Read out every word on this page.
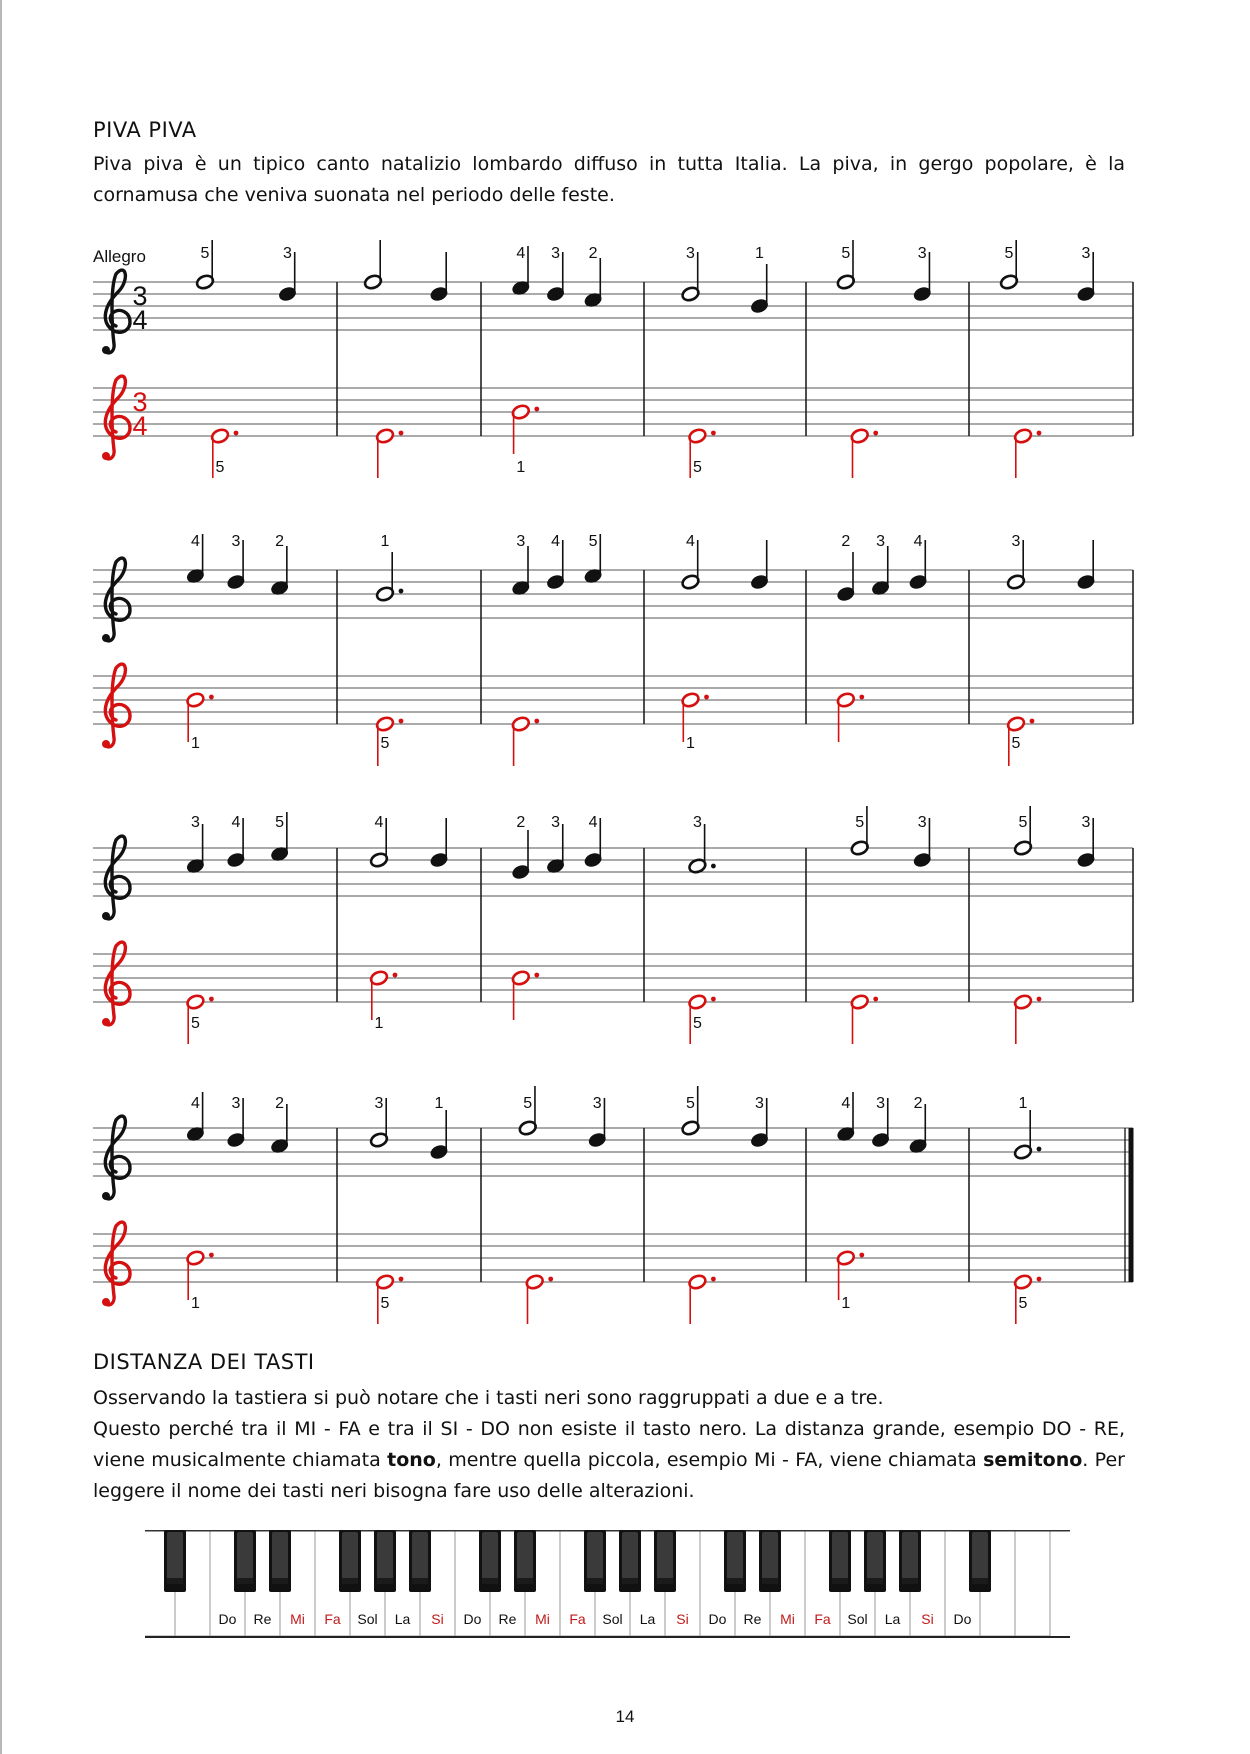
PIVA PIVA

Piva piva è un tipico canto natalizio lombardo diffuso in tutta Italia. La piva, in gergo popolare, è la cornamusa che veniva suonata nel periodo delle feste.

Allegro
3
4
3
4
5	3
5
4 3 2
1
3	1
5
5	3	5	3
4 3 2
1
1
5
3 4 5	4
1
2 3 4	3
5
3 4 5
5
4
1
2 3 4	3
5
5	3	5	3
4 3 2
1
3	1
5
5	3	5	3	4 3 2
1
1
5
DISTANZA DEI TASTI

Osservando la tastiera si può notare che i tasti neri sono raggruppati a due e a tre.

Questo perché tra il MI - FA e tra il SI - DO non esiste il tasto nero. La distanza grande, esempio DO - RE, viene musicalmente chiamata tono, mentre quella piccola, esempio Mi - FA, viene chiamata semitono. Per leggere il nome dei tasti neri bisogna fare uso delle alterazioni.

Do Re Mi Fa Sol La Si Do Re Mi Fa Sol La Si Do Re Mi Fa Sol La Si Do
14
